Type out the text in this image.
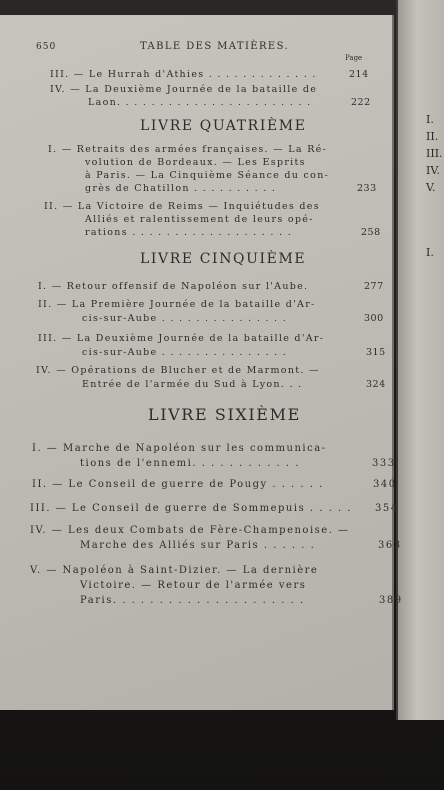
I.
II.
III.
IV.
V.
I.
650	TABLE DES MATIÈRES.
Page
III. — Le Hurrah d'Athies . . . . . . . . . . . . .	214
IV. — La Deuxième Journée de la bataille de
Laon. . . . . . . . . . . . . . . . . . . . . . .	222
LIVRE QUATRIÈME
I. — Retraits des armées françaises. — La Ré-
volution de Bordeaux. — Les Esprits
à Paris. — La Cinquième Séance du con-
grès de Chatillon . . . . . . . . . .	233
II. — La Victoire de Reims — Inquiétudes des
Alliés et ralentissement de leurs opé-
rations . . . . . . . . . . . . . . . . . . .	258
LIVRE CINQUIÈME
I. — Retour offensif de Napoléon sur l'Aube.	277
II. — La Première Journée de la bataille d'Ar-
cis-sur-Aube . . . . . . . . . . . . . . .	300
III. — La Deuxième Journée de la bataille d'Ar-
cis-sur-Aube . . . . . . . . . . . . . . .	315
IV. — Opérations de Blucher et de Marmont. —
Entrée de l'armée du Sud à Lyon. . .	324
LIVRE SIXIÈME
I. — Marche de Napoléon sur les communica-
tions de l'ennemi. . . . . . . . . . . .	333
II. — Le Conseil de guerre de Pougy . . . . . .	340
III. — Le Conseil de guerre de Sommepuis . . . . . 354
IV. — Les deux Combats de Fère-Champenoise. —
Marche des Alliés sur Paris . . . . . .	363
V. — Napoléon à Saint-Dizier. — La dernière
Victoire. — Retour de l'armée vers
Paris. . . . . . . . . . . . . . . . . . . . .	389
